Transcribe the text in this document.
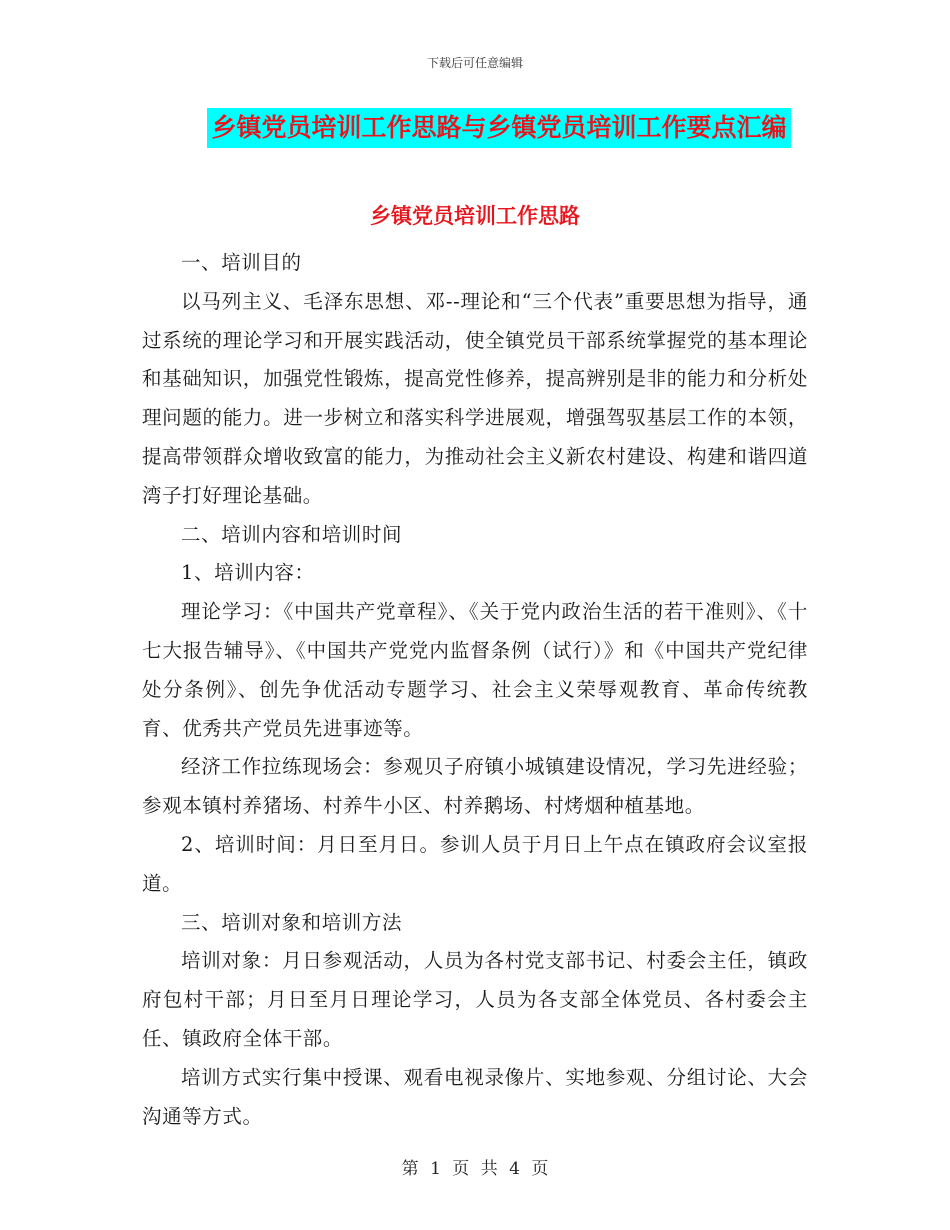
下载后可任意编辑
乡镇党员培训工作思路与乡镇党员培训工作要点汇编
乡镇党员培训工作思路

一、培训目的

以马列主义、毛泽东思想、邓--理论和“三个代表”重要思想为指导，通过系统的理论学习和开展实践活动，使全镇党员干部系统掌握党的基本理论和基础知识，加强党性锻炼，提高党性修养，提高辨别是非的能力和分析处理问题的能力。进一步树立和落实科学进展观，增强驾驭基层工作的本领，提高带领群众增收致富的能力，为推动社会主义新农村建设、构建和谐四道湾子打好理论基础。

二、培训内容和培训时间

1、培训内容：

理论学习：《中国共产党章程》、《关于党内政治生活的若干准则》、《十七大报告辅导》、《中国共产党党内监督条例（试行）》和《中国共产党纪律处分条例》、创先争优活动专题学习、社会主义荣辱观教育、革命传统教育、优秀共产党员先进事迹等。

经济工作拉练现场会：参观贝子府镇小城镇建设情况，学习先进经验；参观本镇村养猪场、村养牛小区、村养鹅场、村烤烟种植基地。

2、培训时间：月日至月日。参训人员于月日上午点在镇政府会议室报道。

三、培训对象和培训方法

培训对象：月日参观活动，人员为各村党支部书记、村委会主任，镇政府包村干部；月日至月日理论学习，人员为各支部全体党员、各村委会主任、镇政府全体干部。

培训方式实行集中授课、观看电视录像片、实地参观、分组讨论、大会沟通等方式。

第 1 页 共 4 页
